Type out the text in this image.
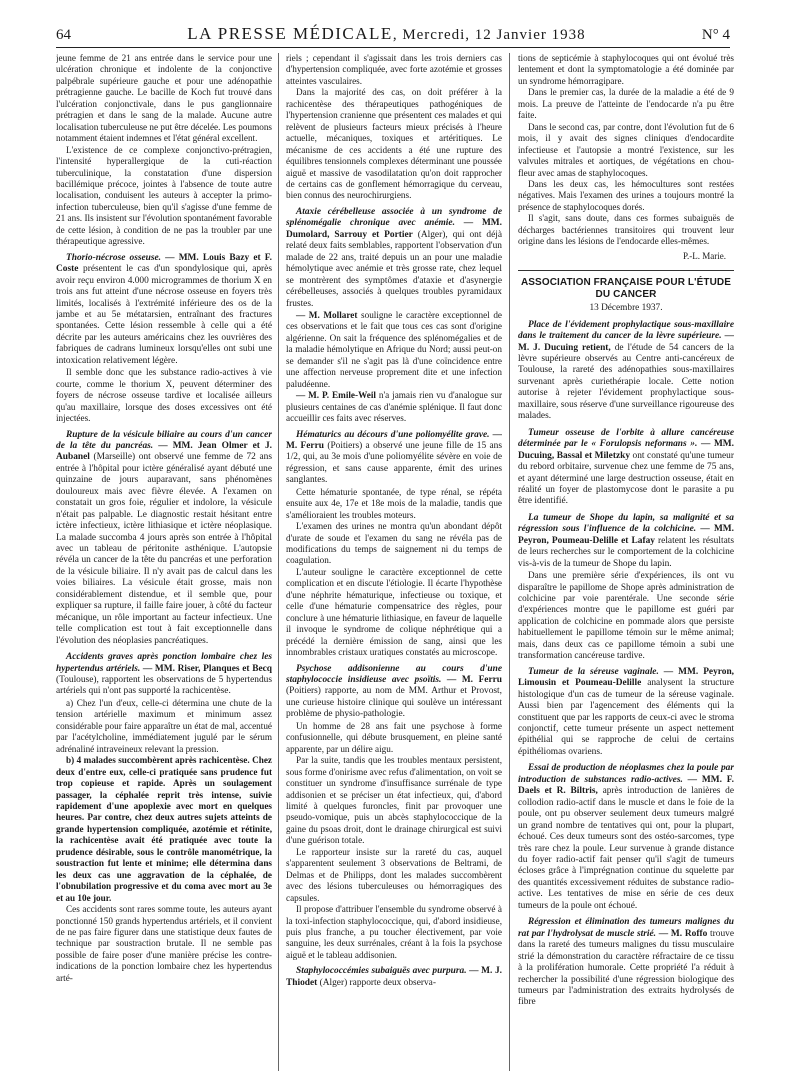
64	LA PRESSE MÉDICALE, Mercredi, 12 Janvier 1938	N° 4

jeune femme de 21 ans entrée dans le service pour une ulcération chronique et indolente de la conjonctive palpébrale supérieure gauche et pour une adénopathie prétragienne gauche. Le bacille de Koch fut trouvé dans l'ulcération conjonctivale, dans le pus ganglionnaire prétragien et dans le sang de la malade. Aucune autre localisation tuberculeuse ne put être décelée. Les poumons notamment étaient indemnes et l'état général excellent.

L'existence de ce complexe conjonctivo-prétragien, l'intensité hyperallergique de la cuti-réaction tuberculinique, la constatation d'une dispersion bacillémique précoce, jointes à l'absence de toute autre localisation, conduisent les auteurs à accepter la primo-infection tuberculeuse, bien qu'il s'agisse d'une femme de 21 ans. Ils insistent sur l'évolution spontanément favorable de cette lésion, à condition de ne pas la troubler par une thérapeutique agressive.

Thorio-nécrose osseuse. — MM. Louis Bazy et F. Coste présentent le cas d'un spondylosique qui, après avoir reçu environ 4.000 microgrammes de thorium X en trois ans fut atteint d'une nécrose osseuse en foyers très limités, localisés à l'extrémité inférieure des os de la jambe et au 5e métatarsien, entraînant des fractures spontanées. Cette lésion ressemble à celle qui a été décrite par les auteurs américains chez les ouvrières des fabriques de cadrans lumineux lorsqu'elles ont subi une intoxication relativement légère.

Il semble donc que les substance radio-actives à vie courte, comme le thorium X, peuvent déterminer des foyers de nécrose osseuse tardive et localisée ailleurs qu'au maxillaire, lorsque des doses excessives ont été injectées.

Rupture de la vésicule biliaire au cours d'un cancer de la tête du pancréas. — MM. Jean Olmer et J. Aubanel (Marseille) ont observé une femme de 72 ans entrée à l'hôpital pour ictère généralisé ayant débuté une quinzaine de jours auparavant, sans phénomènes douloureux mais avec fièvre élevée. A l'examen on constatait un gros foie, régulier et indolore, la vésicule n'était pas palpable. Le diagnostic restait hésitant entre ictère infectieux, ictère lithiasique et ictère néoplasique. La malade succomba 4 jours après son entrée à l'hôpital avec un tableau de péritonite asthénique. L'autopsie révéla un cancer de la tête du pancréas et une perforation de la vésicule biliaire. Il n'y avait pas de calcul dans les voies biliaires. La vésicule était grosse, mais non considérablement distendue, et il semble que, pour expliquer sa rupture, il faille faire jouer, à côté du facteur mécanique, un rôle important au facteur infectieux. Une telle complication est tout à fait exceptionnelle dans l'évolution des néoplasies pancréatiques.
Accidents graves après ponction lombaire chez les hypertendus artériels. — MM. Riser, Planques et Becq (Toulouse), rapportent les observations de 5 hypertendus artériels qui n'ont pas supporté la rachicentèse.

a) Chez l'un d'eux, celle-ci détermina une chute de la tension artérielle maximum et minimum assez considérable pour faire apparaître un état de mal, accentué par l'acétylcholine, immédiatement jugulé par le sérum adrénaliné intraveineux relevant la pression.

b) 4 malades succombèrent après rachicentèse. Chez deux d'entre eux, celle-ci pratiquée sans prudence fut trop copieuse et rapide. Après un soulagement passager, la céphalée reprit très intense, suivie rapidement d'une apoplexie avec mort en quelques heures. Par contre, chez deux autres sujets atteints de grande hypertension compliquée, azotémie et rétinite, la rachicentèse avait été pratiquée avec toute la prudence désirable, sous le contrôle manométrique, la soustraction fut lente et minime; elle détermina dans les deux cas une aggravation de la céphalée, de l'obnubilation progressive et du coma avec mort au 3e et au 10e jour.

Ces accidents sont rares somme toute, les auteurs ayant ponctionné 150 grands hypertendus artériels, et il convient de ne pas faire figurer dans une statistique deux fautes de technique par soustraction brutale. Il ne semble pas possible de faire poser d'une manière précise les contre-indications de la ponction lombaire chez les hypertendus arté-

riels ; cependant il s'agissait dans les trois derniers cas d'hypertension compliquée, avec forte azotémie et grosses atteintes vasculaires.

Dans la majorité des cas, on doit préférer à la rachicentèse des thérapeutiques pathogéniques de l'hypertension cranienne que présentent ces malades et qui relèvent de plusieurs facteurs mieux précisés à l'heure actuelle, mécaniques, toxiques et artéritiques. Le mécanisme de ces accidents a été une rupture des équilibres tensionnels complexes déterminant une poussée aiguë et massive de vasodilatation qu'on doit rapprocher de certains cas de gonflement hémorragique du cerveau, bien connus des neurochirurgiens.

Ataxie cérébelleuse associée à un syndrome de splénomégalie chronique avec anémie. — MM. Dumolard, Sarrouy et Portier (Alger), qui ont déjà relaté deux faits semblables, rapportent l'observation d'un malade de 22 ans, traité depuis un an pour une maladie hémolytique avec anémie et très grosse rate, chez lequel se montrèrent des symptômes d'ataxie et d'asynergie cérébelleuses, associés à quelques troubles pyramidaux frustes.

— M. Mollaret souligne le caractère exceptionnel de ces observations et le fait que tous ces cas sont d'origine algérienne. On sait la fréquence des splénomégalies et de la maladie hémolytique en Afrique du Nord; aussi peut-on se demander s'il ne s'agit pas là d'une coïncidence entre une affection nerveuse proprement dite et une infection paludéenne.

— M. P. Emile-Weil n'a jamais rien vu d'analogue sur plusieurs centaines de cas d'anémie splénique. Il faut donc accueillir ces faits avec réserves.

Hématurics au décours d'une poliomyélite grave. — M. Ferru (Poitiers) a observé une jeune fille de 15 ans 1/2, qui, au 3e mois d'une poliomyélite sévère en voie de régression, et sans cause apparente, émit des urines sanglantes.

Cette hématurie spontanée, de type rénal, se répéta ensuite aux 4e, 17e et 18e mois de la maladie, tandis que s'amélioraient les troubles moteurs.

L'examen des urines ne montra qu'un abondant dépôt d'urate de soude et l'examen du sang ne révéla pas de modifications du temps de saignement ni du temps de coagulation.

L'auteur souligne le caractère exceptionnel de cette complication et en discute l'étiologie. Il écarte l'hypothèse d'une néphrite hématurique, infectieuse ou toxique, et celle d'une hématurie compensatrice des règles, pour conclure à une hématurie lithiasique, en faveur de laquelle il invoque le syndrome de colique néphrétique qui a précédé la dernière émission de sang, ainsi que les innombrables cristaux uratiques constatés au microscope.

Psychose addisonienne au cours d'une staphylococcie insidieuse avec psoïtis. — M. Ferru (Poitiers) rapporte, au nom de MM. Arthur et Provost, une curieuse histoire clinique qui soulève un intéressant problème de physio-pathologie.

Un homme de 28 ans fait une psychose à forme confusionnelle, qui débute brusquement, en pleine santé apparente, par un délire aigu.

Par la suite, tandis que les troubles mentaux persistent, sous forme d'onirisme avec refus d'alimentation, on voit se constituer un syndrome d'insuffisance surrénale de type addisonien et se préciser un état infectieux, qui, d'abord limité à quelques furoncles, finit par provoquer une pseudo-vomique, puis un abcès staphylococcique de la gaine du psoas droit, dont le drainage chirurgical est suivi d'une guérison totale.

Le rapporteur insiste sur la rareté du cas, auquel s'apparentent seulement 3 observations de Beltrami, de Delmas et de Philipps, dont les malades succombèrent avec des lésions tuberculeuses ou hémorragiques des capsules.

Il propose d'attribuer l'ensemble du syndrome observé à la toxi-infection staphylococcique, qui, d'abord insidieuse, puis plus franche, a pu toucher électivement, par voie sanguine, les deux surrénales, créant à la fois la psychose aiguë et le tableau addisonien.

Staphylococcémies subaiguës avec purpura. — M. J. Thiodet (Alger) rapporte deux observa-

tions de septicémie à staphylocoques qui ont évolué très lentement et dont la symptomatologie a été dominée par un syndrome hémorragipare.

Dans le premier cas, la durée de la maladie a été de 9 mois. La preuve de l'atteinte de l'endocarde n'a pu être faite.

Dans le second cas, par contre, dont l'évolution fut de 6 mois, il y avait des signes cliniques d'endocardite infectieuse et l'autopsie a montré l'existence, sur les valvules mitrales et aortiques, de végétations en chou-fleur avec amas de staphylocoques.

Dans les deux cas, les hémocultures sont restées négatives. Mais l'examen des urines a toujours montré la présence de staphylocoques dorés.

Il s'agit, sans doute, dans ces formes subaiguës de décharges bactériennes transitoires qui trouvent leur origine dans les lésions de l'endocarde elles-mêmes.

P.-L. Marie.

ASSOCIATION FRANÇAISE POUR L'ÉTUDE DU CANCER
13 Décembre 1937.
Place de l'évidement prophylactique sous-maxillaire dans le traitement du cancer de la lèvre supérieure. — M. J. Ducuing retient, de l'étude de 54 cancers de la lèvre supérieure observés au Centre anti-cancéreux de Toulouse, la rareté des adénopathies sous-maxillaires survenant après curiethérapie locale. Cette notion autorise à rejeter l'évidement prophylactique sous-maxillaire, sous réserve d'une surveillance rigoureuse des malades.
Tumeur osseuse de l'orbite à allure cancéreuse déterminée par le « Forulopsis neformans ». — MM. Ducuing, Bassal et Miletzky ont constaté qu'une tumeur du rebord orbitaire, survenue chez une femme de 75 ans, et ayant déterminé une large destruction osseuse, était en réalité un foyer de plastomycose dont le parasite a pu être identifié.
La tumeur de Shope du lapin, sa malignité et sa régression sous l'influence de la colchicine. — MM. Peyron, Poumeau-Delille et Lafay relatent les résultats de leurs recherches sur le comportement de la colchicine vis-à-vis de la tumeur de Shope du lapin.

Dans une première série d'expériences, ils ont vu disparaître le papillome de Shope après administration de colchicine par voie parentérale. Une seconde série d'expériences montre que le papillome est guéri par application de colchicine en pommade alors que persiste habituellement le papillome témoin sur le même animal; mais, dans deux cas ce papillome témoin a subi une transformation cancéreuse tardive.

Tumeur de la séreuse vaginale. — MM. Peyron, Limousin et Poumeau-Delille analysent la structure histologique d'un cas de tumeur de la séreuse vaginale. Aussi bien par l'agencement des éléments qui la constituent que par les rapports de ceux-ci avec le stroma conjonctif, cette tumeur présente un aspect nettement épithélial qui se rapproche de celui de certains épithéliomas ovariens.
Essai de production de néoplasmes chez la poule par introduction de substances radio-actives. — MM. F. Daels et R. Biltris, après introduction de lanières de collodion radio-actif dans le muscle et dans le foie de la poule, ont pu observer seulement deux tumeurs malgré un grand nombre de tentatives qui ont, pour la plupart, échoué. Ces deux tumeurs sont des ostéo-sarcomes, type très rare chez la poule. Leur survenue à grande distance du foyer radio-actif fait penser qu'il s'agit de tumeurs écloses grâce à l'imprégnation continue du squelette par des quantités excessivement réduites de substance radio-active. Les tentatives de mise en série de ces deux tumeurs de la poule ont échoué.
Régression et élimination des tumeurs malignes du rat par l'hydrolysat de muscle strié. — M. Roffo trouve dans la rareté des tumeurs malignes du tissu musculaire strié la démonstration du caractère réfractaire de ce tissu à la prolifération humorale. Cette propriété l'a réduit à rechercher la possibilité d'une régression biologique des tumeurs par l'administration des extraits hydrolysés de fibre
